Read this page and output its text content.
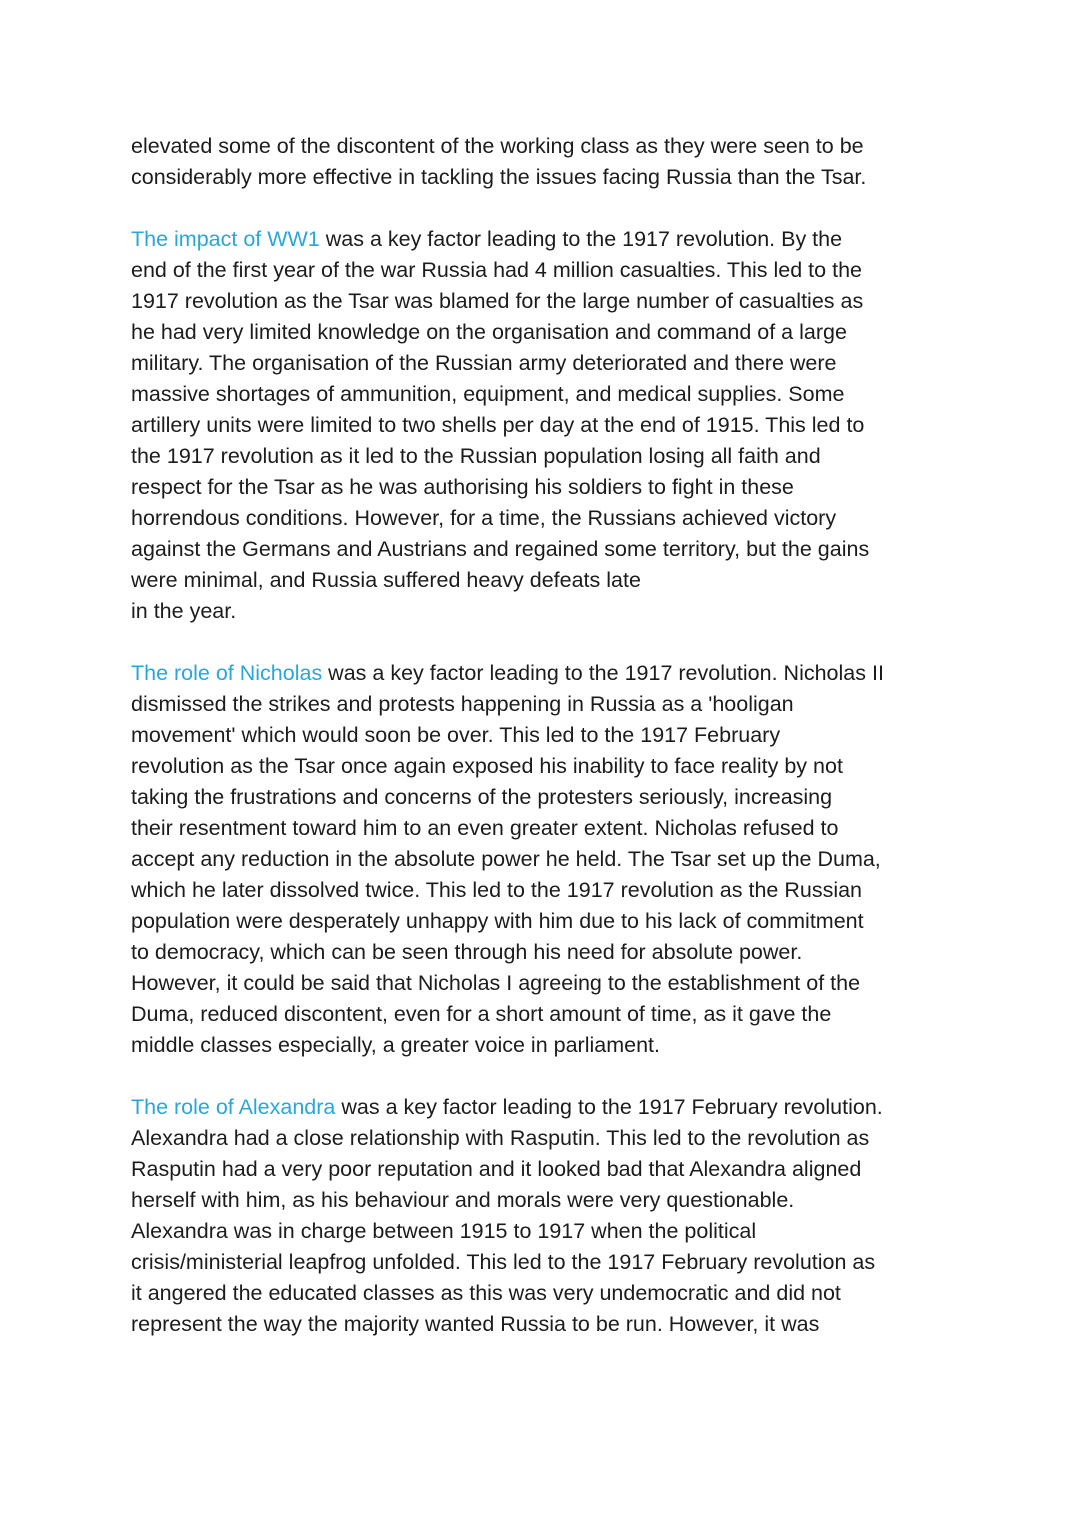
elevated some of the discontent of the working class as they were seen to be
considerably more effective in tackling the issues facing Russia than the Tsar.

The impact of WW1 was a key factor leading to the 1917 revolution. By the
end of the first year of the war Russia had 4 million casualties. This led to the
1917 revolution as the Tsar was blamed for the large number of casualties as
he had very limited knowledge on the organisation and command of a large
military. The organisation of the Russian army deteriorated and there were
massive shortages of ammunition, equipment, and medical supplies. Some
artillery units were limited to two shells per day at the end of 1915. This led to
the 1917 revolution as it led to the Russian population losing all faith and
respect for the Tsar as he was authorising his soldiers to fight in these
horrendous conditions. However, for a time, the Russians achieved victory
against the Germans and Austrians and regained some territory, but the gains
were minimal, and Russia suffered heavy defeats late
in the year.

The role of Nicholas was a key factor leading to the 1917 revolution. Nicholas II
dismissed the strikes and protests happening in Russia as a 'hooligan
movement' which would soon be over. This led to the 1917 February
revolution as the Tsar once again exposed his inability to face reality by not
taking the frustrations and concerns of the protesters seriously, increasing
their resentment toward him to an even greater extent. Nicholas refused to
accept any reduction in the absolute power he held. The Tsar set up the Duma,
which he later dissolved twice. This led to the 1917 revolution as the Russian
population were desperately unhappy with him due to his lack of commitment
to democracy, which can be seen through his need for absolute power.
However, it could be said that Nicholas I agreeing to the establishment of the
Duma, reduced discontent, even for a short amount of time, as it gave the
middle classes especially, a greater voice in parliament.

The role of Alexandra was a key factor leading to the 1917 February revolution.
Alexandra had a close relationship with Rasputin. This led to the revolution as
Rasputin had a very poor reputation and it looked bad that Alexandra aligned
herself with him, as his behaviour and morals were very questionable.
Alexandra was in charge between 1915 to 1917 when the political
crisis/ministerial leapfrog unfolded. This led to the 1917 February revolution as
it angered the educated classes as this was very undemocratic and did not
represent the way the majority wanted Russia to be run. However, it was
